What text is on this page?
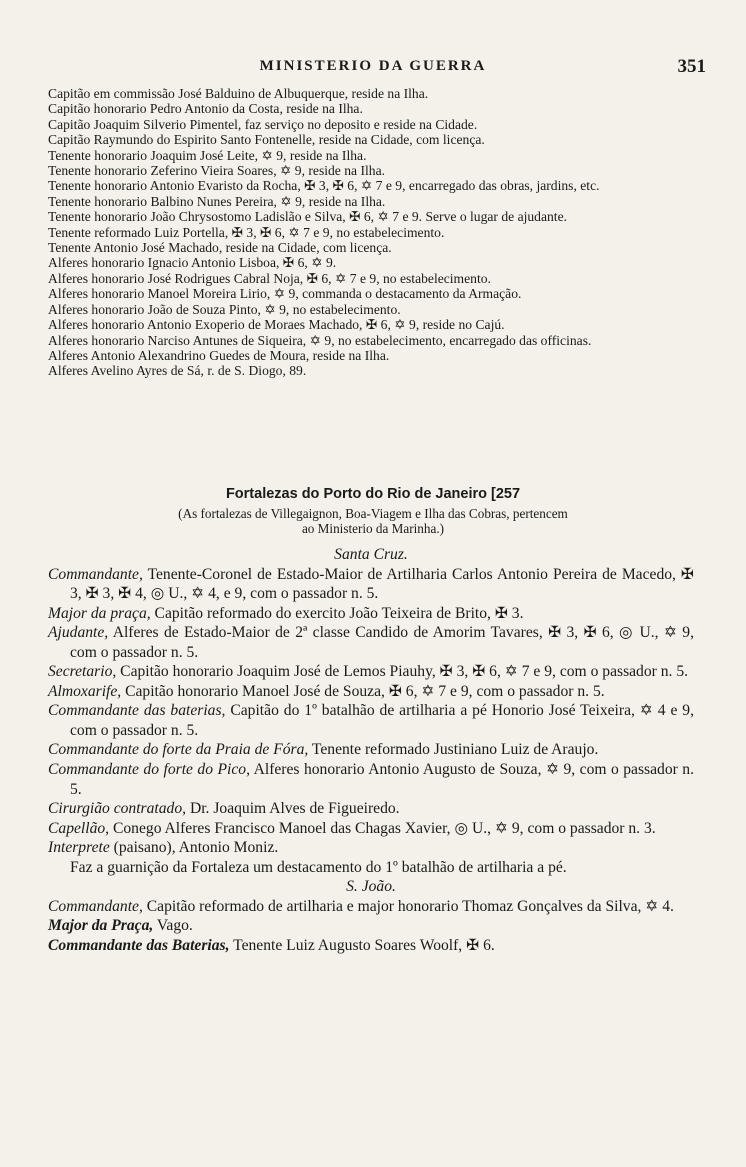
MINISTERIO DA GUERRA	351
Capitão em commissão José Balduino de Albuquerque, reside na Ilha.
Capitão honorario Pedro Antonio da Costa, reside na Ilha.
Capitão Joaquim Silverio Pimentel, faz serviço no deposito e reside na Cidade.
Capitão Raymundo do Espirito Santo Fontenelle, reside na Cidade, com licença.
Tenente honorario Joaquim José Leite, ✡ 9, reside na Ilha.
Tenente honorario Zeferino Vieira Soares, ✡ 9, reside na Ilha.
Tenente honorario Antonio Evaristo da Rocha, ✠ 3, ✠ 6, ✡ 7 e 9, encarregado das obras, jardins, etc.
Tenente honorario Balbino Nunes Pereira, ✡ 9, reside na Ilha.
Tenente honorario João Chrysostomo Ladislão e Silva, ✠ 6, ✡ 7 e 9. Serve o lugar de ajudante.
Tenente reformado Luiz Portella, ✠ 3, ✠ 6, ✡ 7 e 9, no estabelecimento.
Tenente Antonio José Machado, reside na Cidade, com licença.
Alferes honorario Ignacio Antonio Lisboa, ✠ 6, ✡ 9.
Alferes honorario José Rodrigues Cabral Noja, ✠ 6, ✡ 7 e 9, no estabelecimento.
Alferes honorario Manoel Moreira Lirio, ✡ 9, commanda o destacamento da Armação.
Alferes honorario João de Souza Pinto, ✡ 9, no estabelecimento.
Alferes honorario Antonio Exoperio de Moraes Machado, ✠ 6, ✡ 9, reside no Cajú.
Alferes honorario Narciso Antunes de Siqueira, ✡ 9, no estabelecimento, encarregado das officinas.
Alferes Antonio Alexandrino Guedes de Moura, reside na Ilha.
Alferes Avelino Ayres de Sá, r. de S. Diogo, 89.
Fortalezas do Porto do Rio de Janeiro [257
(As fortalezas de Villegaignon, Boa-Viagem e Ilha das Cobras, pertencem
ao Ministerio da Marinha.)
Santa Cruz.
Commandante, Tenente-Coronel de Estado-Maior de Artilharia Carlos Antonio Pereira de Macedo, ✠ 3, ✠ 3, ✠ 4, ◎ U., ✡ 4, e 9, com o passador n. 5.
Major da praça, Capitão reformado do exercito João Teixeira de Brito, ✠ 3.
Ajudante, Alferes de Estado-Maior de 2ª classe Candido de Amorim Tavares, ✠ 3, ✠ 6, ◎ U., ✡ 9, com o passador n. 5.
Secretario, Capitão honorario Joaquim José de Lemos Piauhy, ✠ 3, ✠ 6, ✡ 7 e 9, com o passador n. 5.
Almoxarife, Capitão honorario Manoel José de Souza, ✠ 6, ✡ 7 e 9, com o passador n. 5.
Commandante das baterias, Capitão do 1º batalhão de artilharia a pé Honorio José Teixeira, ✡ 4 e 9, com o passador n. 5.
Commandante do forte da Praia de Fóra, Tenente reformado Justiniano Luiz de Araujo.
Commandante do forte do Pico, Alferes honorario Antonio Augusto de Souza, ✡ 9, com o passador n. 5.
Cirurgião contratado, Dr. Joaquim Alves de Figueiredo.
Capellão, Conego Alferes Francisco Manoel das Chagas Xavier, ◎ U., ✡ 9, com o passador n. 3.
Interprete (paisano), Antonio Moniz.
Faz a guarnição da Fortaleza um destacamento do 1º batalhão de artilharia a pé.
S. João.
Commandante, Capitão reformado de artilharia e major honorario Thomaz Gonçalves da Silva, ✡ 4.
Major da Praça, Vago.
Commandante das Baterias, Tenente Luiz Augusto Soares Woolf, ✠ 6.
